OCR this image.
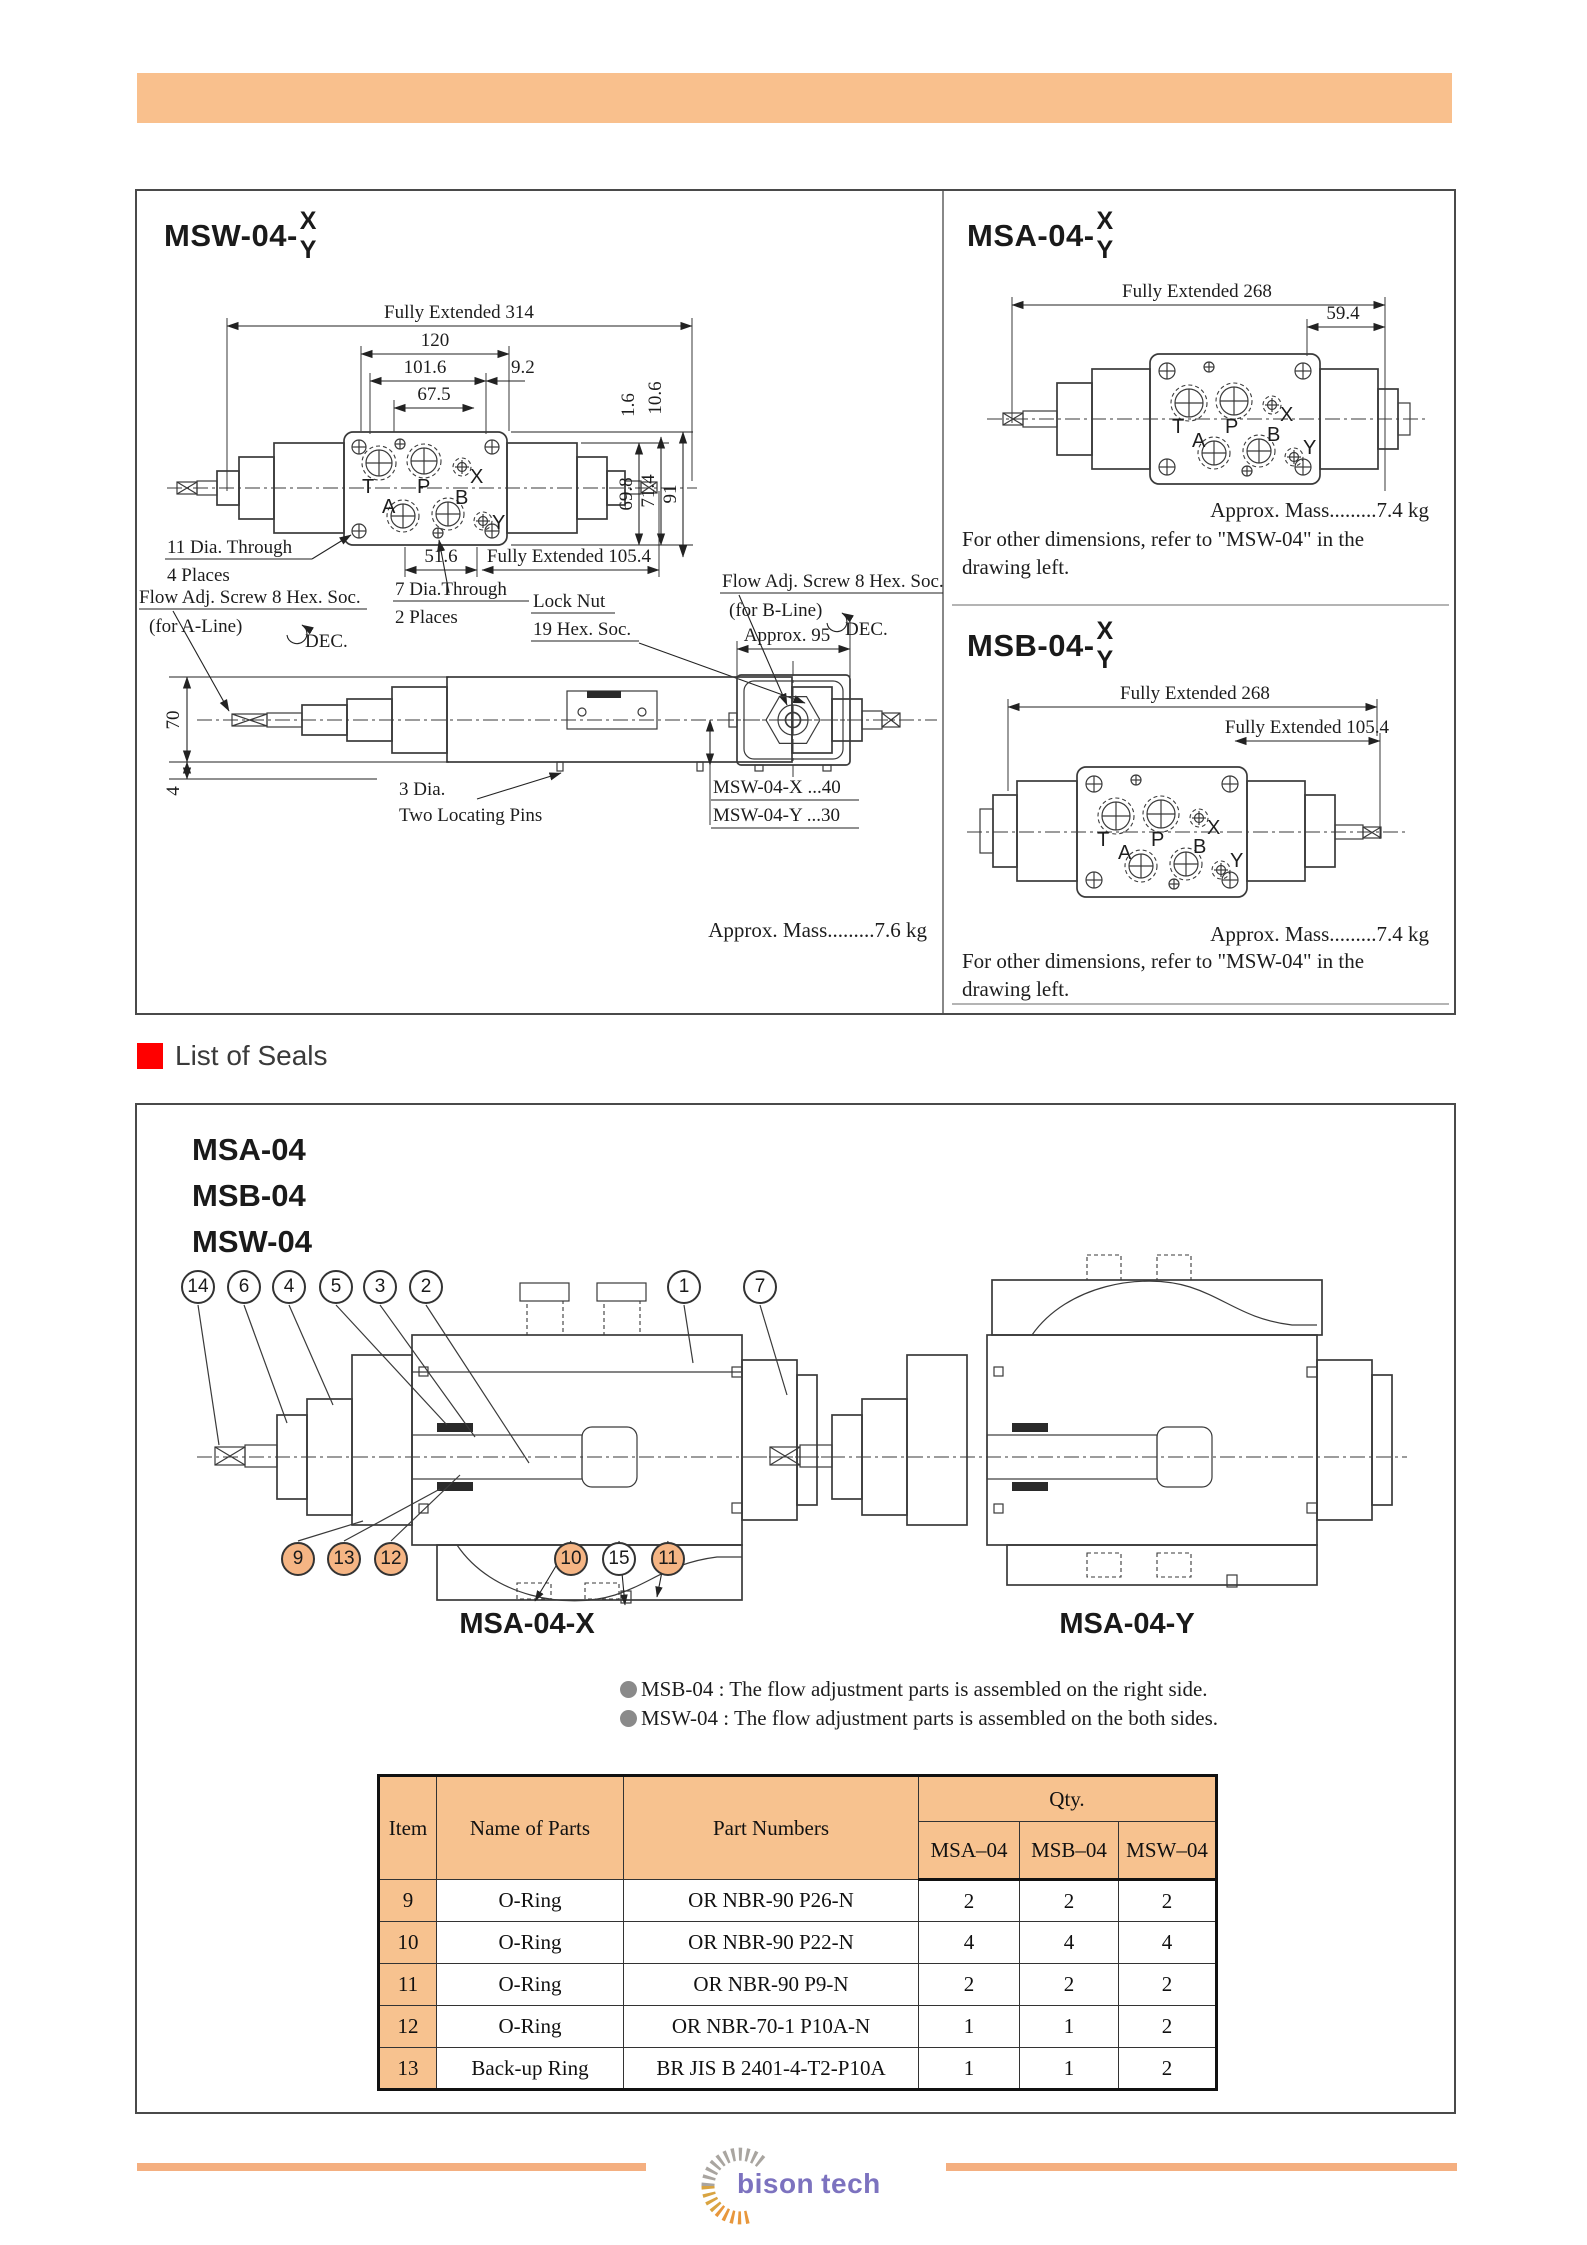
Fully Extended 314
120
101.6	9.2
67.5
T P X
A	B
Y
1.6 10.6
69.8 71.4 91
51.6 Fully Extended 105.4
11 Dia. Through
4 Places
Flow Adj. Screw 8 Hex. Soc.
(for A-Line)
DEC.
7 Dia.Through
2 Places
Lock Nut
19 Hex. Soc.
70
4	3 Dia.
Two Locating Pins
Flow Adj. Screw 8 Hex. Soc.
(for B-Line)
DEC.
Approx. 95
MSW-04-X ...40
MSW-04-Y ...30
Approx. Mass.........7.6 kg
Fully Extended 268
59.4
T P
X
A	B
Y
Approx. Mass.........7.4 kg
Fully Extended 268
Fully Extended 105.4
T P
X
A	B
Y
Approx. Mass.........7.4 kg
MSW-04- X
Y	MSA-04- X
Y
MSB-04- X
Y
For other dimensions, refer to "MSW-04" in the
drawing left.
For other dimensions, refer to "MSW-04" in the
drawing left.
List of Seals
MSA-04
MSB-04
MSW-04
14 6 4 5 3 2	1	7
9 13 12	10 15 11
MSA-04-X	MSA-04-Y
MSB-04 : The flow adjustment parts is assembled on the right side.
MSW-04 : The flow adjustment parts is assembled on the both sides.
Item	Name of Parts	Part Numbers	Qty.		
			MSA–04	MSB–04	MSW–04
9	O-Ring	OR NBR-90 P26-N	2	2	2
10	O-Ring	OR NBR-90 P22-N	4	4	4
11	O-Ring	OR NBR-90 P9-N	2	2	2
12	O-Ring	OR NBR-70-1 P10A-N	1	1	2
13	Back-up Ring	BR JIS B 2401-4-T2-P10A	1	1	2
bison tech
